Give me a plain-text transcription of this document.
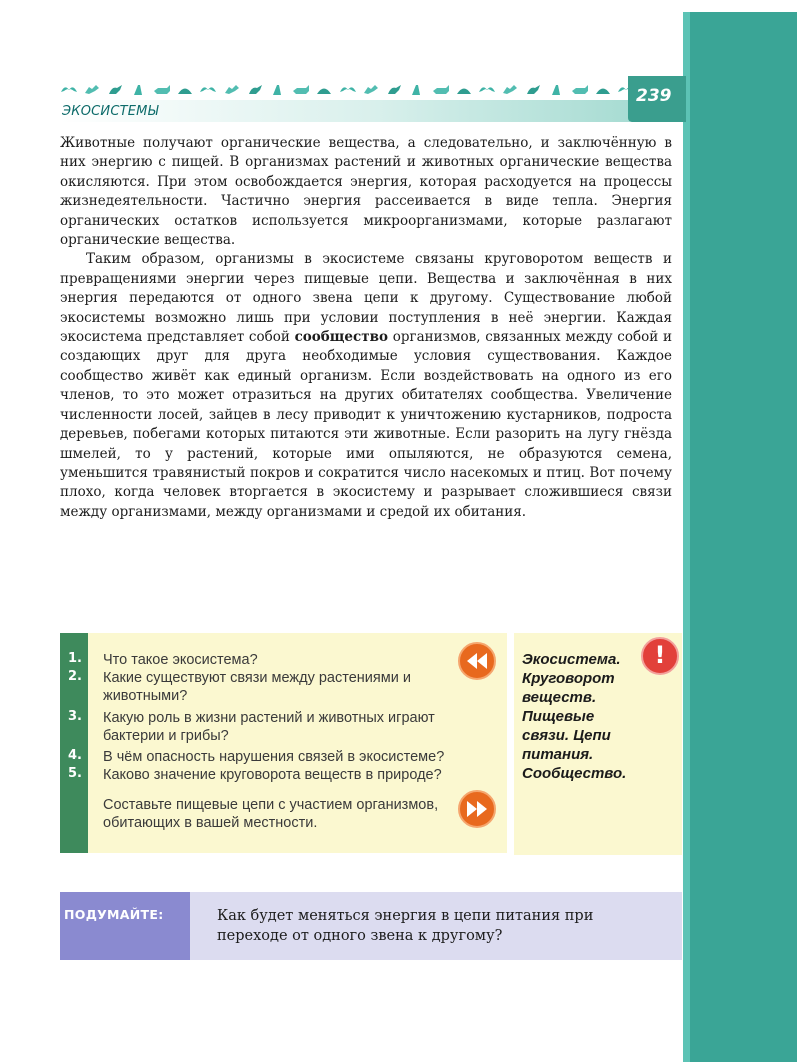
ЭКОСИСТЕМЫ
239

Животные получают органические вещества, а следовательно, и заключённую в них энергию с пищей. В организмах растений и животных органические вещества окисляются. При этом освобождается энергия, которая расходуется на процессы жизнедеятельности. Частично энергия рассеивается в виде тепла. Энергия органических остатков используется микроорганизмами, которые разлагают органические вещества.

Таким образом, организмы в экосистеме связаны круговоротом веществ и превращениями энергии через пищевые цепи. Вещества и заключённая в них энергия передаются от одного звена цепи к другому. Существование любой экосистемы возможно лишь при условии поступления в неё энергии. Каждая экосистема представляет собой сообщество организмов, связанных между собой и создающих друг для друга необходимые условия существования. Каждое сообщество живёт как единый организм. Если воздействовать на одного из его членов, то это может отразиться на других обитателях сообщества. Увеличение численности лосей, зайцев в лесу приводит к уничтожению кустарников, подроста деревьев, побегами которых питаются эти животные. Если разорить на лугу гнёзда шмелей, то у растений, которые ими опыляются, не образуются семена, уменьшится травянистый покров и сократится число насекомых и птиц. Вот почему плохо, когда человек вторгается в экосистему и разрывает сложившиеся связи между организмами, между организмами и средой их обитания.

1. Что такое экосистема?
2. Какие существуют связи между растениями и животными?
3. Какую роль в жизни растений и животных играют бактерии и грибы?
4. В чём опасность нарушения связей в экосистеме?
5. Каково значение круговорота веществ в природе?
Составьте пищевые цепи с участием организмов, обитающих в вашей местности.
Экосистема. Круговорот веществ. Пищевые связи. Цепи питания. Сообщество.
!
ПОДУМАЙТЕ:	Как будет меняться энергия в цепи питания при переходе от одного звена к другому?
